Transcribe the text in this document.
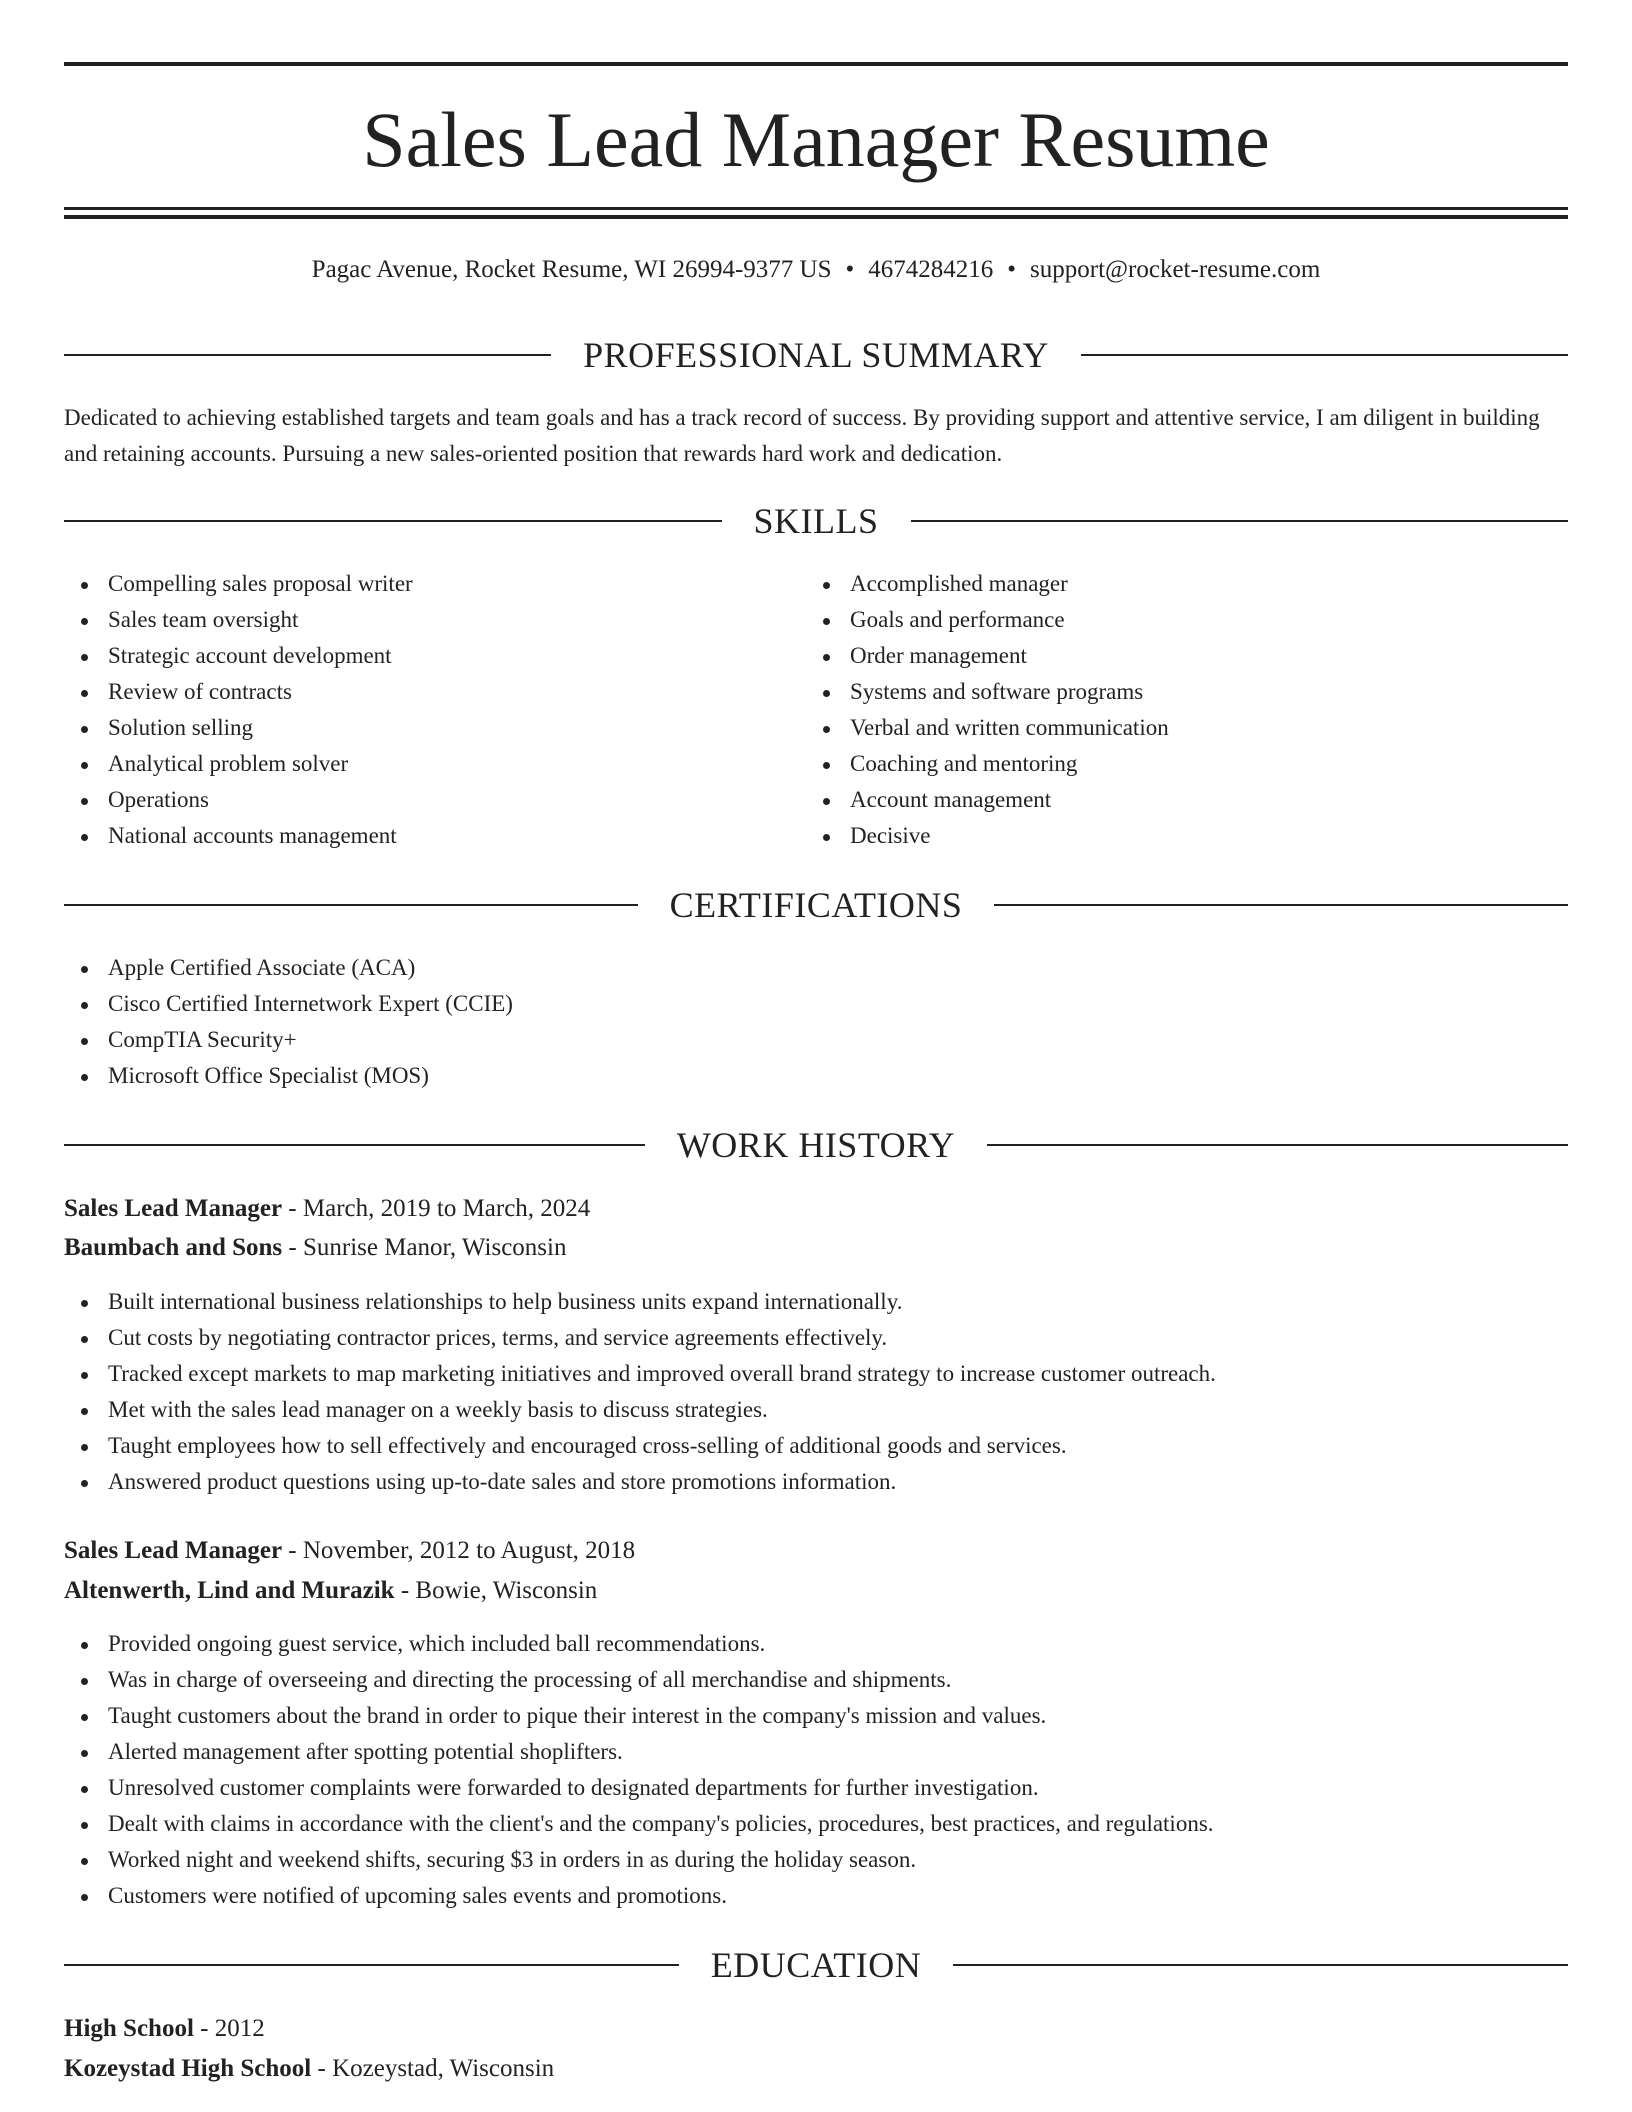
Sales Lead Manager Resume
Pagac Avenue, Rocket Resume, WI 26994-9377 US • 4674284216 • support@rocket-resume.com
PROFESSIONAL SUMMARY

Dedicated to achieving established targets and team goals and has a track record of success. By providing support and attentive service, I am diligent in building and retaining accounts. Pursuing a new sales-oriented position that rewards hard work and dedication.

SKILLS
Compelling sales proposal writer
Sales team oversight
Strategic account development
Review of contracts
Solution selling
Analytical problem solver
Operations
National accounts management
Accomplished manager
Goals and performance
Order management
Systems and software programs
Verbal and written communication
Coaching and mentoring
Account management
Decisive
CERTIFICATIONS
Apple Certified Associate (ACA)
Cisco Certified Internetwork Expert (CCIE)
CompTIA Security+
Microsoft Office Specialist (MOS)
WORK HISTORY
Sales Lead Manager - March, 2019 to March, 2024
Baumbach and Sons - Sunrise Manor, Wisconsin
Built international business relationships to help business units expand internationally.
Cut costs by negotiating contractor prices, terms, and service agreements effectively.
Tracked except markets to map marketing initiatives and improved overall brand strategy to increase customer outreach.
Met with the sales lead manager on a weekly basis to discuss strategies.
Taught employees how to sell effectively and encouraged cross-selling of additional goods and services.
Answered product questions using up-to-date sales and store promotions information.
Sales Lead Manager - November, 2012 to August, 2018
Altenwerth, Lind and Murazik - Bowie, Wisconsin
Provided ongoing guest service, which included ball recommendations.
Was in charge of overseeing and directing the processing of all merchandise and shipments.
Taught customers about the brand in order to pique their interest in the company's mission and values.
Alerted management after spotting potential shoplifters.
Unresolved customer complaints were forwarded to designated departments for further investigation.
Dealt with claims in accordance with the client's and the company's policies, procedures, best practices, and regulations.
Worked night and weekend shifts, securing $3 in orders in as during the holiday season.
Customers were notified of upcoming sales events and promotions.
EDUCATION
High School - 2012
Kozeystad High School - Kozeystad, Wisconsin
